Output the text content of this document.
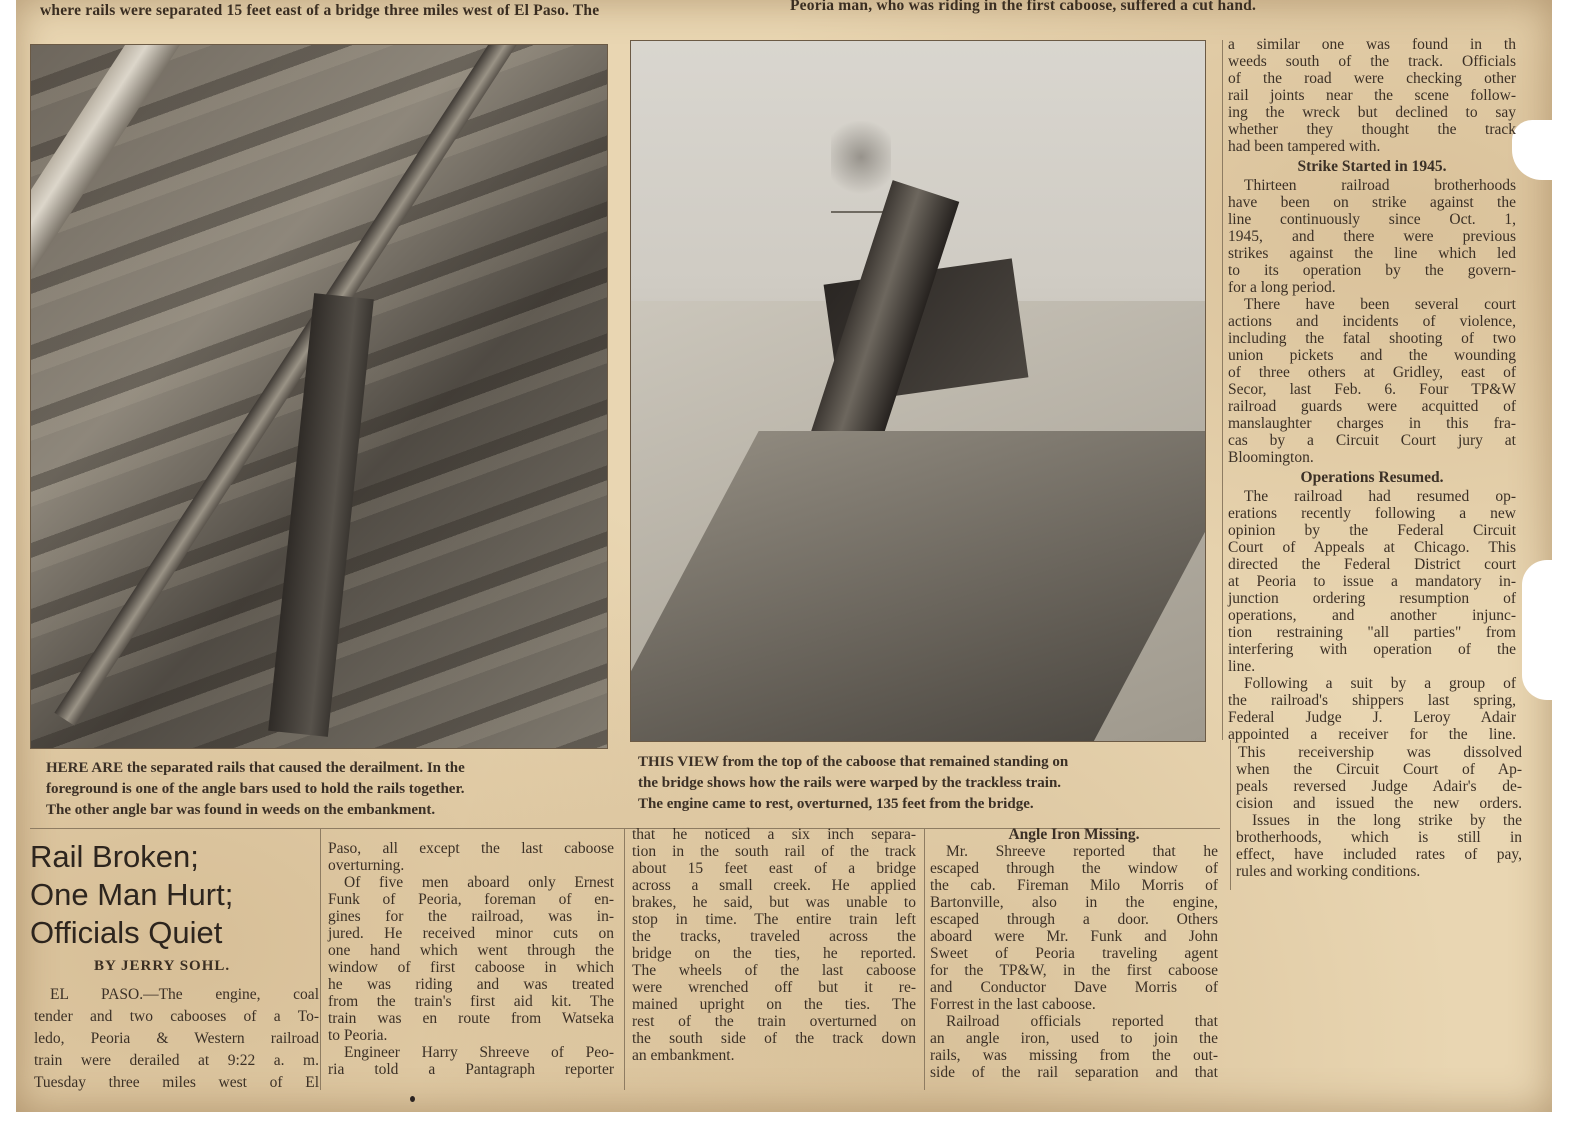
where rails were separated 15 feet east of a bridge three miles west of El Paso. The	Peoria man, who was riding in the first caboose, suffered a cut hand.
HERE ARE the separated rails that caused the derailment. In the
foreground is one of the angle bars used to hold the rails together.
The other angle bar was found in weeds on the embankment.
THIS VIEW from the top of the caboose that remained standing on
the bridge shows how the rails were warped by the trackless train.
The engine came to rest, overturned, 135 feet from the bridge.
Rail Broken;
One Man Hurt;
Officials Quiet
BY JERRY SOHL.
EL PASO.—The engine, coal
tender and two cabooses of a To-
ledo, Peoria & Western railroad
train were derailed at 9:22 a. m.
Tuesday three miles west of El
Paso, all except the last caboose
overturning.
Of five men aboard only Ernest
Funk of Peoria, foreman of en-
gines for the railroad, was in-
jured. He received minor cuts on
one hand which went through the
window of first caboose in which
he was riding and was treated
from the train's first aid kit. The
train was en route from Watseka
to Peoria.
Engineer Harry Shreeve of Peo-
ria told a Pantagraph reporter
that he noticed a six inch separa-
tion in the south rail of the track
about 15 feet east of a bridge
across a small creek. He applied
brakes, he said, but was unable to
stop in time. The entire train left
the tracks, traveled across the
bridge on the ties, he reported.
The wheels of the last caboose
were wrenched off but it re-
mained upright on the ties. The
rest of the train overturned on
the south side of the track down
an embankment.
Angle Iron Missing.
Mr. Shreeve reported that he
escaped through the window of
the cab. Fireman Milo Morris of
Bartonville, also in the engine,
escaped through a door. Others
aboard were Mr. Funk and John
Sweet of Peoria traveling agent
for the TP&W, in the first caboose
and Conductor Dave Morris of
Forrest in the last caboose.
Railroad officials reported that
an angle iron, used to join the
rails, was missing from the out-
side of the rail separation and that
a similar one was found in th
weeds south of the track. Officials
of the road were checking other
rail joints near the scene follow-
ing the wreck but declined to say
whether they thought the track
had been tampered with.
Strike Started in 1945.
Thirteen railroad brotherhoods
have been on strike against the
line continuously since Oct. 1,
1945, and there were previous
strikes against the line which led
to its operation by the govern-
for a long period.
There have been several court
actions and incidents of violence,
including the fatal shooting of two
union pickets and the wounding
of three others at Gridley, east of
Secor, last Feb. 6. Four TP&W
railroad guards were acquitted of
manslaughter charges in this fra-
cas by a Circuit Court jury at
Bloomington.
Operations Resumed.
The railroad had resumed op-
erations recently following a new
opinion by the Federal Circuit
Court of Appeals at Chicago. This
directed the Federal District court
at Peoria to issue a mandatory in-
junction ordering resumption of
operations, and another injunc-
tion restraining "all parties" from
interfering with operation of the
line.
Following a suit by a group of
the railroad's shippers last spring,
Federal Judge J. Leroy Adair
appointed a receiver for the line.
This receivership was dissolved
when the Circuit Court of Ap-
peals reversed Judge Adair's de-
cision and issued the new orders.
Issues in the long strike by the
brotherhoods, which is still in
effect, have included rates of pay,
rules and working conditions.
